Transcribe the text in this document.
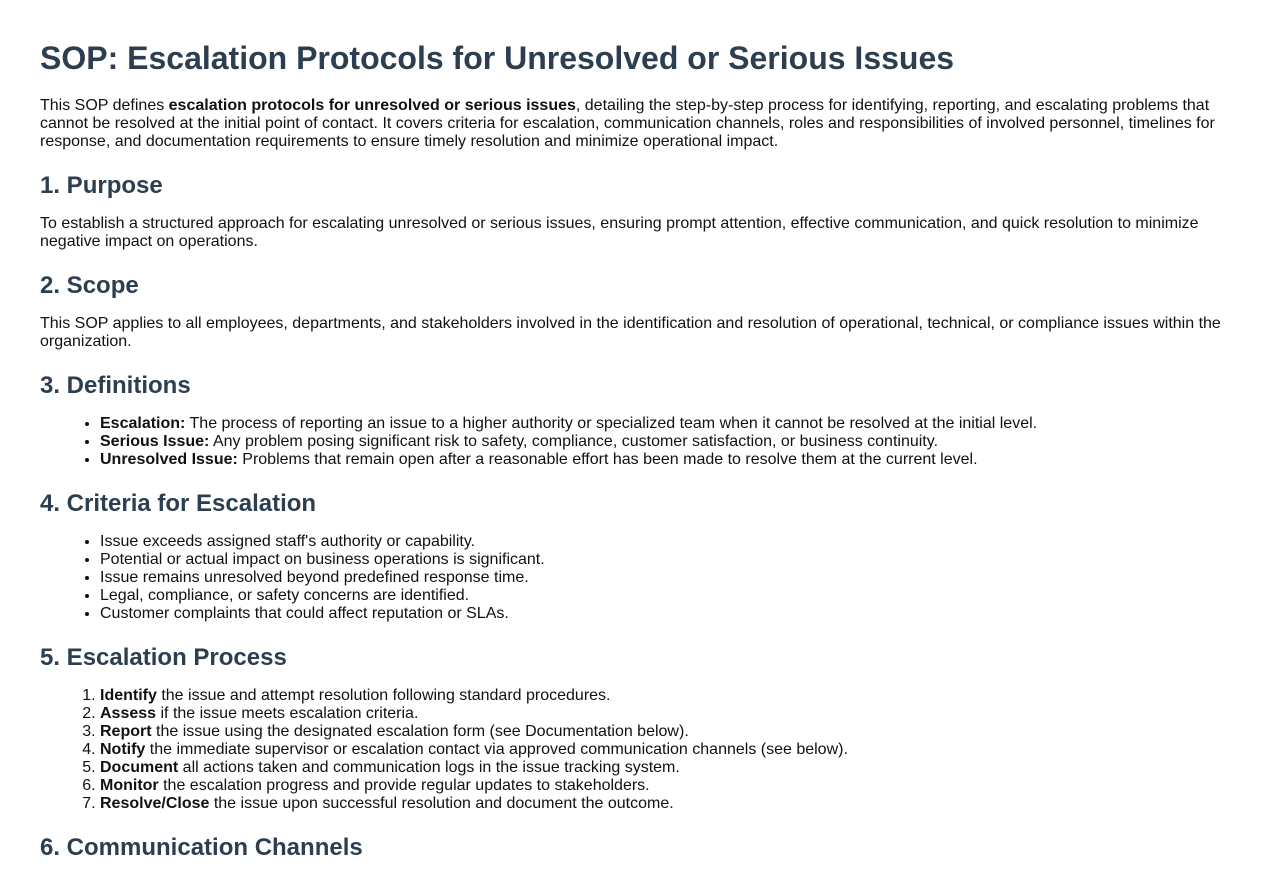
SOP: Escalation Protocols for Unresolved or Serious Issues

This SOP defines escalation protocols for unresolved or serious issues, detailing the step-by-step process for identifying, reporting, and escalating problems that cannot be resolved at the initial point of contact. It covers criteria for escalation, communication channels, roles and responsibilities of involved personnel, timelines for response, and documentation requirements to ensure timely resolution and minimize operational impact.

1. Purpose

To establish a structured approach for escalating unresolved or serious issues, ensuring prompt attention, effective communication, and quick resolution to minimize negative impact on operations.

2. Scope

This SOP applies to all employees, departments, and stakeholders involved in the identification and resolution of operational, technical, or compliance issues within the organization.

3. Definitions
• Escalation: The process of reporting an issue to a higher authority or specialized team when it cannot be resolved at the initial level.
• Serious Issue: Any problem posing significant risk to safety, compliance, customer satisfaction, or business continuity.
• Unresolved Issue: Problems that remain open after a reasonable effort has been made to resolve them at the current level.
4. Criteria for Escalation
• Issue exceeds assigned staff's authority or capability.
• Potential or actual impact on business operations is significant.
• Issue remains unresolved beyond predefined response time.
• Legal, compliance, or safety concerns are identified.
• Customer complaints that could affect reputation or SLAs.
5. Escalation Process
1. Identify the issue and attempt resolution following standard procedures.
2. Assess if the issue meets escalation criteria.
3. Report the issue using the designated escalation form (see Documentation below).
4. Notify the immediate supervisor or escalation contact via approved communication channels (see below).
5. Document all actions taken and communication logs in the issue tracking system.
6. Monitor the escalation progress and provide regular updates to stakeholders.
7. Resolve/Close the issue upon successful resolution and document the outcome.
6. Communication Channels
